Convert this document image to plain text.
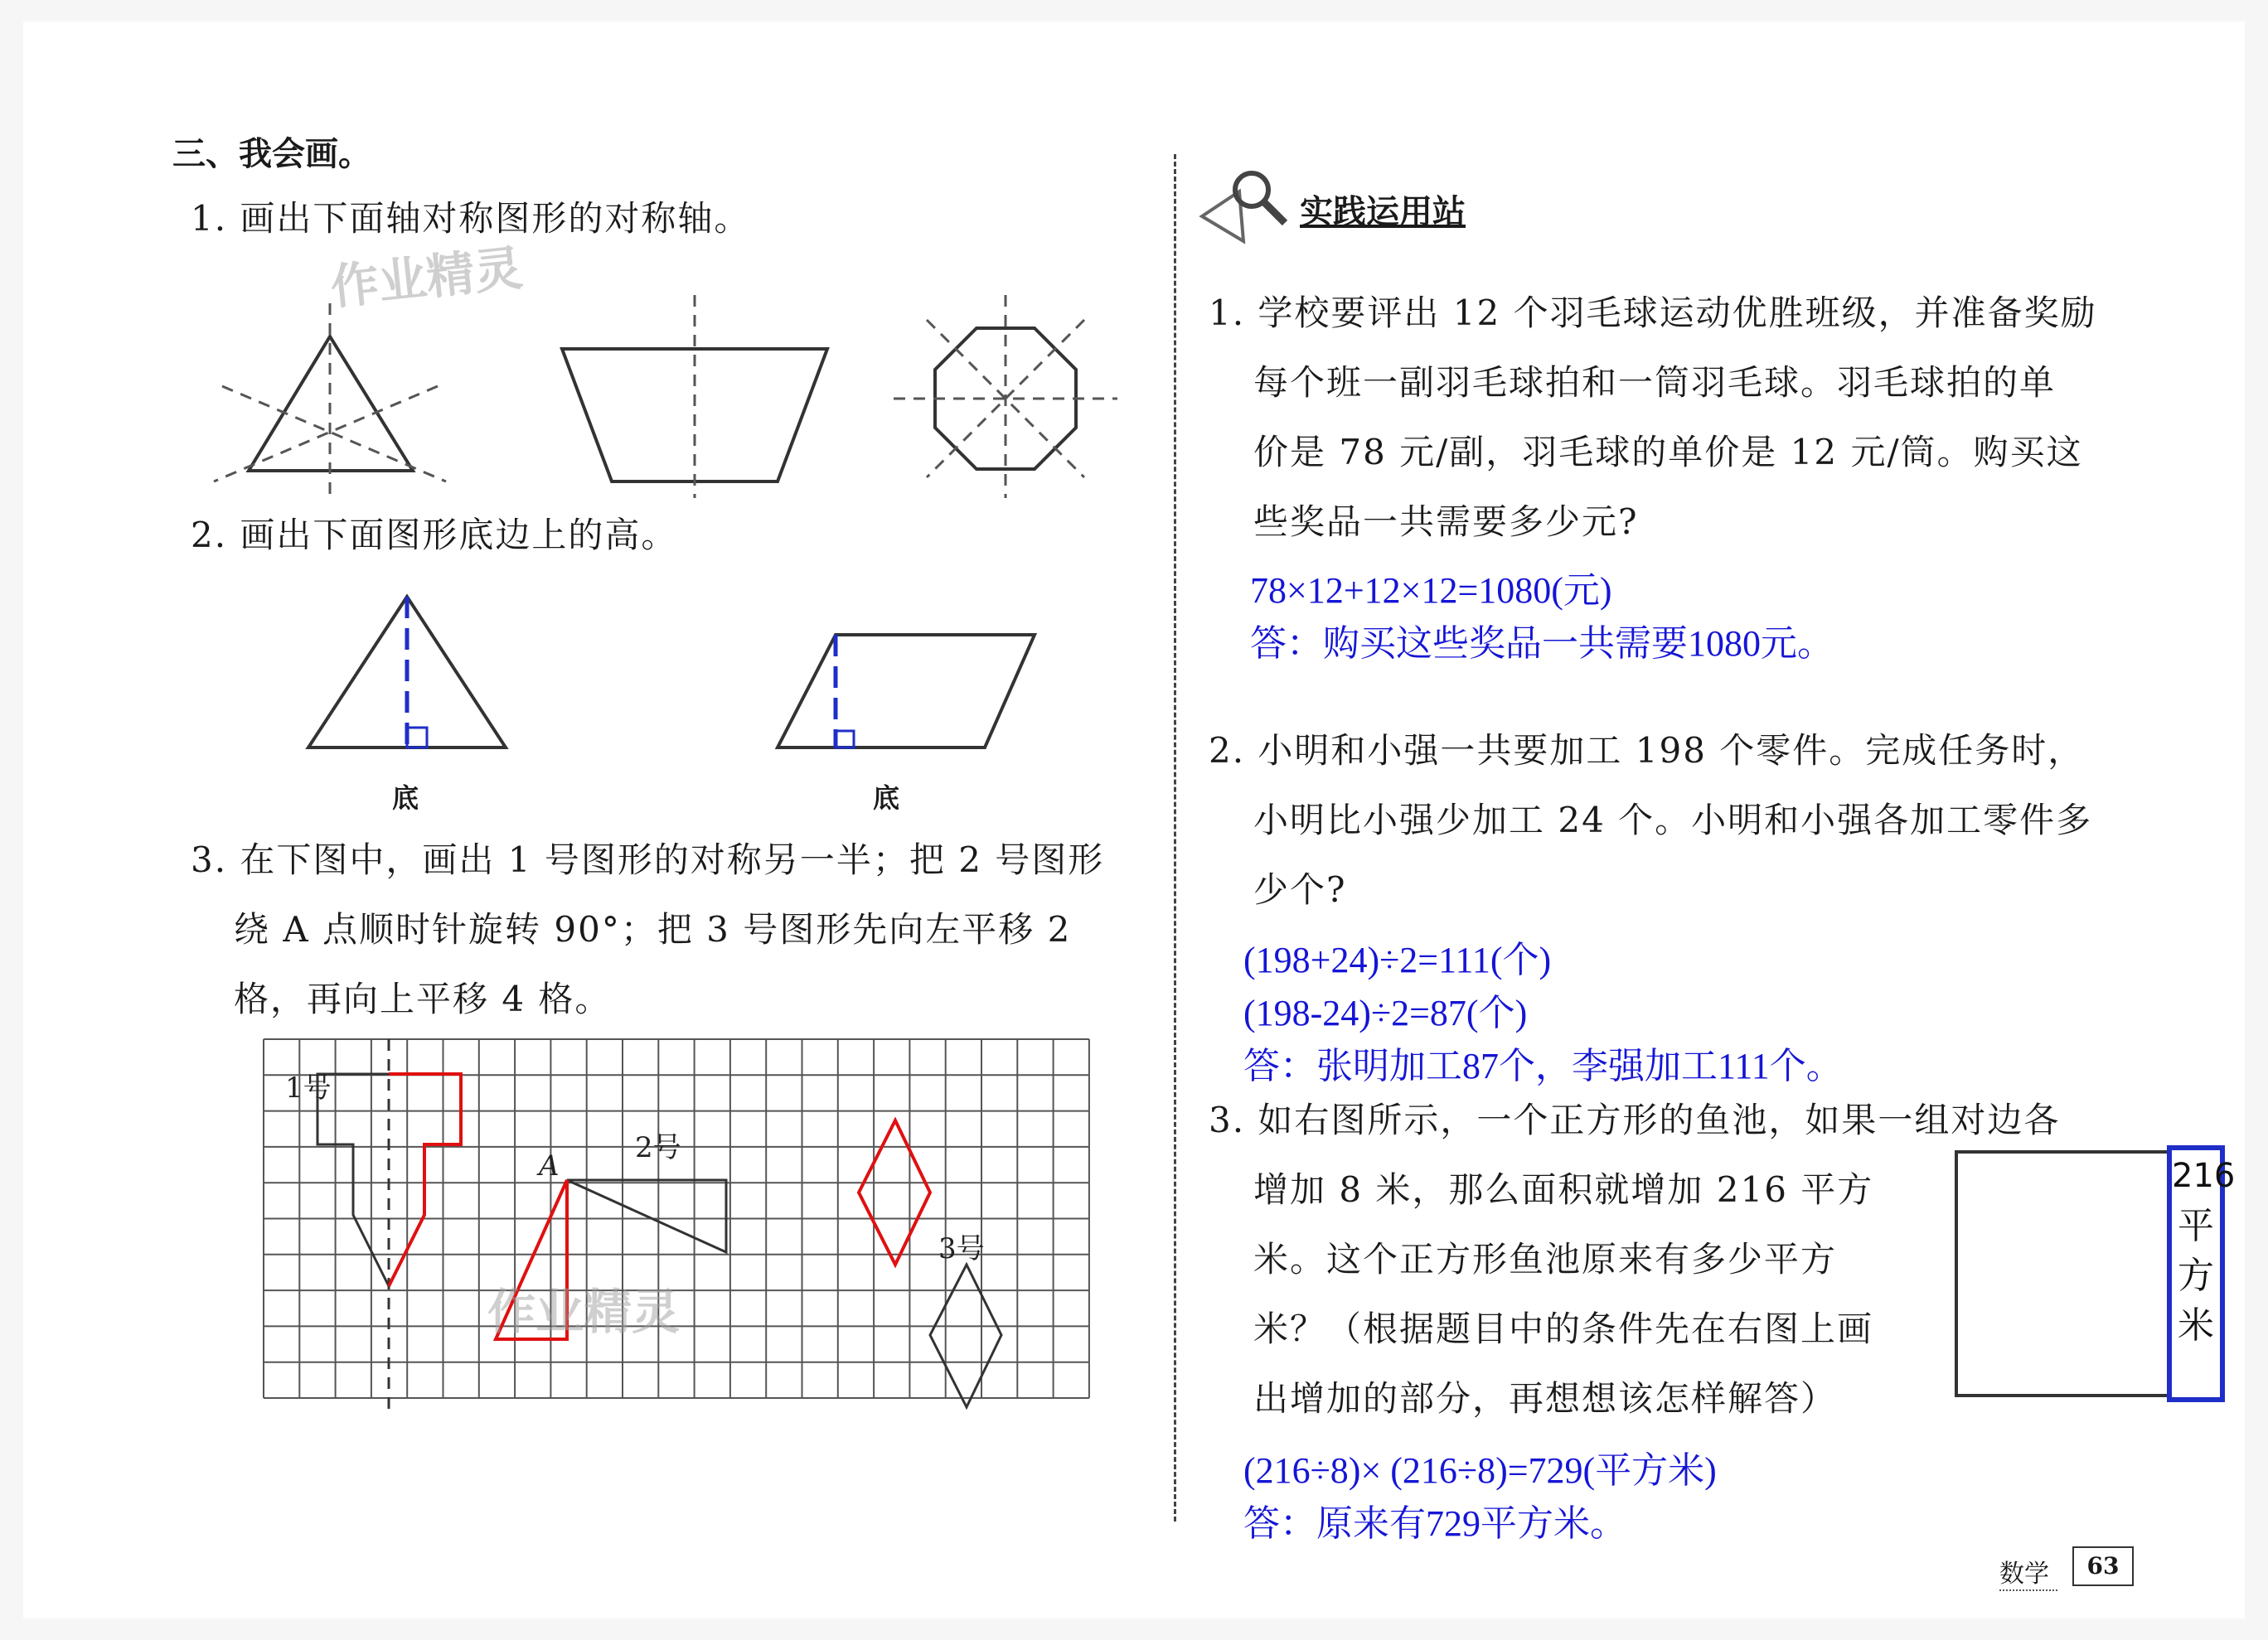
三、我会画。
1. 画出下面轴对称图形的对称轴。
作业精灵
2. 画出下面图形底边上的高。
底	底
3. 在下图中，画出 1 号图形的对称另一半；把 2 号图形
绕 A 点顺时针旋转 90°；把 3 号图形先向左平移 2
格，再向上平移 4 格。
1号
2号
3号
A
作业精灵
实践运用站
1. 学校要评出 12 个羽毛球运动优胜班级，并准备奖励
每个班一副羽毛球拍和一筒羽毛球。羽毛球拍的单
价是 78 元/副，羽毛球的单价是 12 元/筒。购买这
些奖品一共需要多少元?
78×12+12×12=1080(元)
答：购买这些奖品一共需要1080元。
2. 小明和小强一共要加工 198 个零件。完成任务时，
小明比小强少加工 24 个。小明和小强各加工零件多
少个?
(198+24)÷2=111(个)
(198-24)÷2=87(个)
答：张明加工87个，李强加工111个。
3. 如右图所示，一个正方形的鱼池，如果一组对边各
增加 8 米，那么面积就增加 216 平方
米。这个正方形鱼池原来有多少平方
米？（根据题目中的条件先在右图上画
出增加的部分，再想想该怎样解答）
216
平
方
米
(216÷8)× (216÷8)=729(平方米)
答：原来有729平方米。
数学	63
